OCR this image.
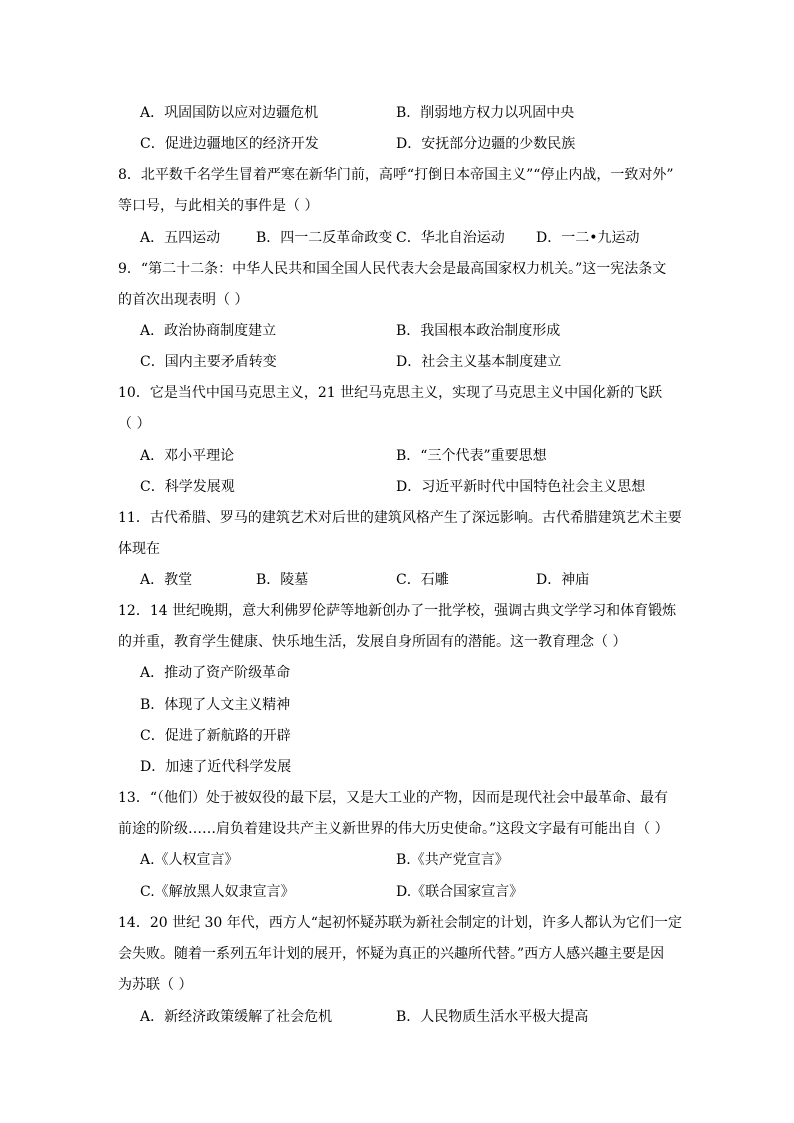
A．巩固国防以应对边疆危机	B．削弱地方权力以巩固中央
C．促进边疆地区的经济开发	D．安抚部分边疆的少数民族
8．北平数千名学生冒着严寒在新华门前，高呼“打倒日本帝国主义”“停止内战，一致对外”
等口号，与此相关的事件是（ ）
A．五四运动	B．四一二反革命政变 C．华北自治运动 D．一二•九运动
9．“第二十二条：中华人民共和国全国人民代表大会是最高国家权力机关。”这一宪法条文
的首次出现表明（ ）
A．政治协商制度建立	B．我国根本政治制度形成
C．国内主要矛盾转变	D．社会主义基本制度建立
10．它是当代中国马克思主义，21 世纪马克思主义，实现了马克思主义中国化新的飞跃
（ ）
A．邓小平理论	B．“三个代表”重要思想
C．科学发展观	D．习近平新时代中国特色社会主义思想
11．古代希腊、罗马的建筑艺术对后世的建筑风格产生了深远影响。古代希腊建筑艺术主要
体现在
A．教堂	B．陵墓	C．石雕	D．神庙
12．14 世纪晚期，意大利佛罗伦萨等地新创办了一批学校，强调古典文学学习和体育锻炼
的并重，教育学生健康、快乐地生活，发展自身所固有的潜能。这一教育理念（ ）
A．推动了资产阶级革命
B．体现了人文主义精神
C．促进了新航路的开辟
D．加速了近代科学发展
13．“（他们）处于被奴役的最下层，又是大工业的产物，因而是现代社会中最革命、最有
前途的阶级……肩负着建设共产主义新世界的伟大历史使命。”这段文字最有可能出自（ ）
A.《人权宣言》	B.《共产党宣言》
C.《解放黑人奴隶宣言》	D.《联合国家宣言》
14．20 世纪 30 年代，西方人“起初怀疑苏联为新社会制定的计划，许多人都认为它们一定
会失败。随着一系列五年计划的展开，怀疑为真正的兴趣所代替。”西方人感兴趣主要是因
为苏联（ ）
A．新经济政策缓解了社会危机	B．人民物质生活水平极大提高
